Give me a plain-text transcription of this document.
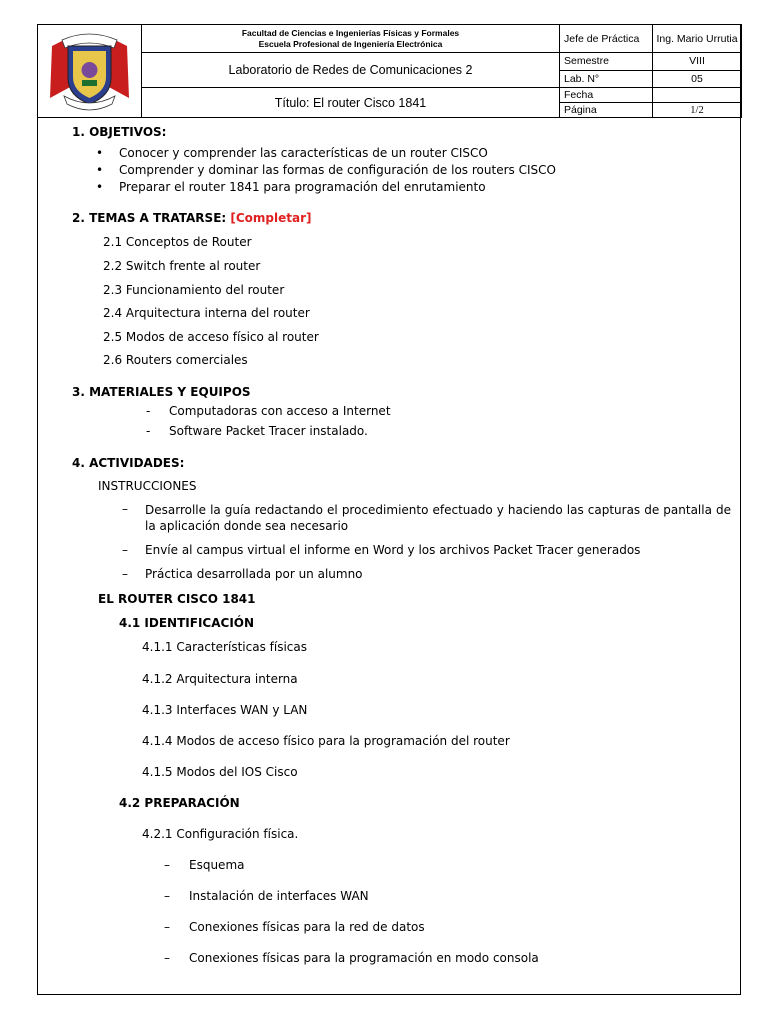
Facultad de Ciencias e Ingenierías Físicas y Formales
Escuela Profesional de Ingeniería Electrónica	Jefe de Práctica	Ing. Mario Urrutia
	Laboratorio de Redes de Comunicaciones 2	Semestre	VIII
		Lab. N°	05
	Título: El router Cisco 1841	Fecha	
		Página	1/2
1. OBJETIVOS:
• Conocer y comprender las características de un router CISCO
• Comprender y dominar las formas de configuración de los routers CISCO
• Preparar el router 1841 para programación del enrutamiento
2. TEMAS A TRATARSE: [Completar]
2.1 Conceptos de Router
2.2 Switch frente al router
2.3 Funcionamiento del router
2.4 Arquitectura interna del router
2.5 Modos de acceso físico al router
2.6 Routers comerciales
3. MATERIALES Y EQUIPOS
- Computadoras con acceso a Internet
- Software Packet Tracer instalado.
4. ACTIVIDADES:
INSTRUCCIONES
– Desarrolle la guía redactando el procedimiento efectuado y haciendo las capturas de pantalla de la aplicación donde sea necesario
– Envíe al campus virtual el informe en Word y los archivos Packet Tracer generados
– Práctica desarrollada por un alumno
EL ROUTER CISCO 1841
4.1 IDENTIFICACIÓN
4.1.1 Características físicas
4.1.2 Arquitectura interna
4.1.3 Interfaces WAN y LAN
4.1.4 Modos de acceso físico para la programación del router
4.1.5 Modos del IOS Cisco
4.2 PREPARACIÓN
4.2.1 Configuración física.
– Esquema
– Instalación de interfaces WAN
– Conexiones físicas para la red de datos
– Conexiones físicas para la programación en modo consola
